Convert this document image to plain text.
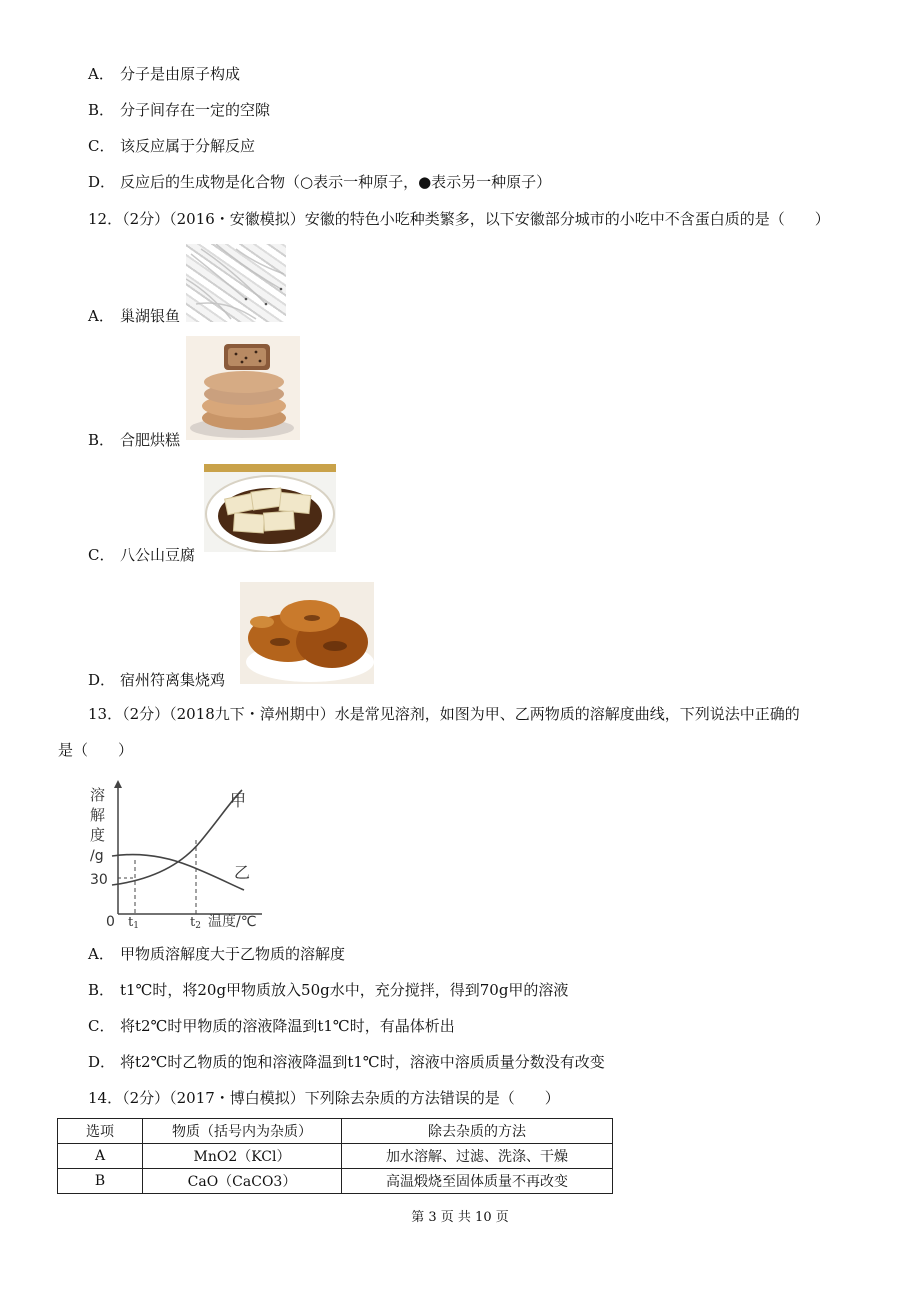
A． 分子是由原子构成
B． 分子间存在一定的空隙
C． 该反应属于分解反应
D． 反应后的生成物是化合物（○表示一种原子，●表示另一种原子）
12．（2分）（2016・安徽模拟）安徽的特色小吃种类繁多，以下安徽部分城市的小吃中不含蛋白质的是（　　）
A． 巢湖银鱼
B． 合肥烘糕
C． 八公山豆腐
D． 宿州符离集烧鸡
13．（2分）（2018九下・漳州期中）水是常见溶剂，如图为甲、乙两物质的溶解度曲线，下列说法中正确的
是（　　）
溶
解
度
/g
30
0 t1	t2 温度/℃
甲
乙
A． 甲物质溶解度大于乙物质的溶解度
B． t1℃时，将20g甲物质放入50g水中，充分搅拌，得到70g甲的溶液
C． 将t2℃时甲物质的溶液降温到t1℃时，有晶体析出
D． 将t2℃时乙物质的饱和溶液降温到t1℃时，溶液中溶质质量分数没有改变
14．（2分）（2017・博白模拟）下列除去杂质的方法错误的是（　　）
选项	物质（括号内为杂质）	除去杂质的方法
A	MnO2（KCl）	加水溶解、过滤、洗涤、干燥
B	CaO（CaCO3）	高温煅烧至固体质量不再改变
第 3 页 共 10 页
